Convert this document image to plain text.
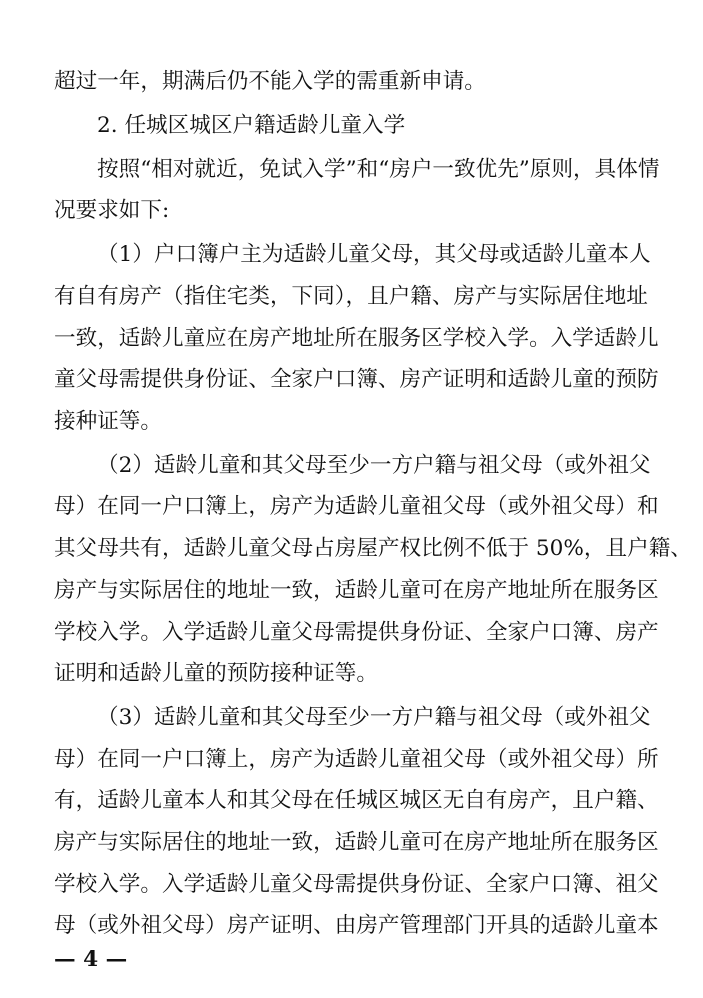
超过一年，期满后仍不能入学的需重新申请。
2. 任城区城区户籍适龄儿童入学
按照“相对就近，免试入学”和“房户一致优先”原则，具体情
况要求如下:
（1）户口簿户主为适龄儿童父母，其父母或适龄儿童本人
有自有房产（指住宅类，下同），且户籍、房产与实际居住地址
一致，适龄儿童应在房产地址所在服务区学校入学。入学适龄儿
童父母需提供身份证、全家户口簿、房产证明和适龄儿童的预防
接种证等。
（2）适龄儿童和其父母至少一方户籍与祖父母（或外祖父
母）在同一户口簿上，房产为适龄儿童祖父母（或外祖父母）和
其父母共有，适龄儿童父母占房屋产权比例不低于 50%，且户籍、
房产与实际居住的地址一致，适龄儿童可在房产地址所在服务区
学校入学。入学适龄儿童父母需提供身份证、全家户口簿、房产
证明和适龄儿童的预防接种证等。
（3）适龄儿童和其父母至少一方户籍与祖父母（或外祖父
母）在同一户口簿上，房产为适龄儿童祖父母（或外祖父母）所
有，适龄儿童本人和其父母在任城区城区无自有房产，且户籍、
房产与实际居住的地址一致，适龄儿童可在房产地址所在服务区
学校入学。入学适龄儿童父母需提供身份证、全家户口簿、祖父
母（或外祖父母）房产证明、由房产管理部门开具的适龄儿童本
— 4 —
